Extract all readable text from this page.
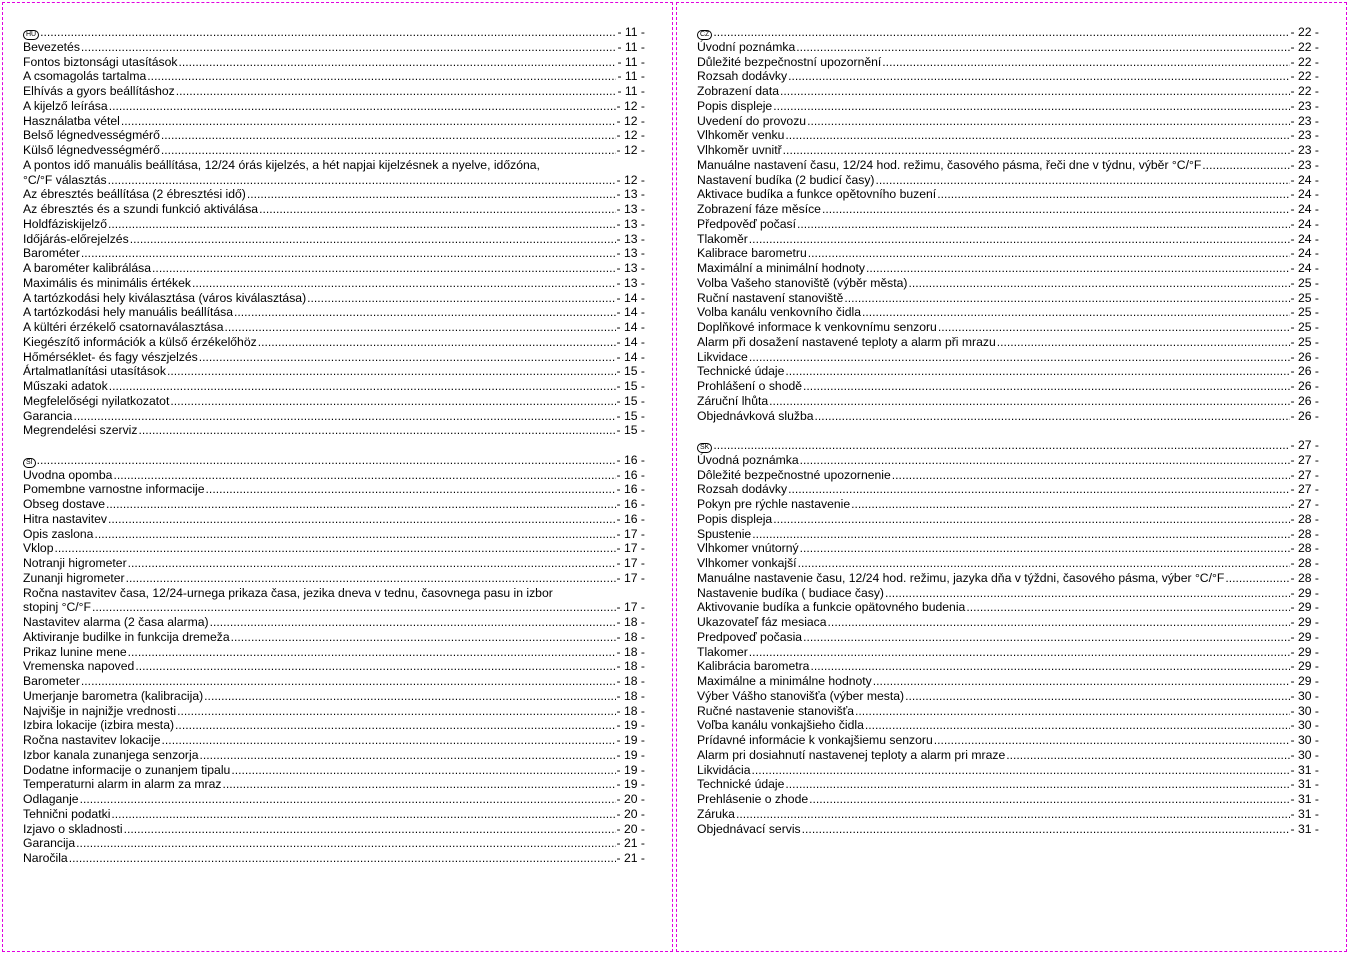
HU .....	- 11 -
Bevezetés .....	- 11 -
Fontos biztonsági utasítások .....	- 11 -
A csomagolás tartalma .....	- 11 -
Elhívás a gyors beállításhoz .....	- 11 -
A kijelző leírása .....	- 12 -
Használatba vétel .....	- 12 -
Belső légnedvességmérő .....	- 12 -
Külső légnedvességmérő .....	- 12 -
A pontos idő manuális beállítása, 12/24 órás kijelzés, a hét napjai kijelzésnek a nyelve, időzóna,
°C/°F választás .....	- 12 -
Az ébresztés beállítása (2 ébresztési idő) .....	- 13 -
Az ébresztés és a szundi funkció aktiválása .....	- 13 -
Holdfáziskijelző .....	- 13 -
Időjárás-előrejelzés .....	- 13 -
Barométer .....	- 13 -
A barométer kalibrálása .....	- 13 -
Maximális és minimális értékek .....	- 13 -
A tartózkodási hely kiválasztása (város kiválasztása) .....	- 14 -
A tartózkodási hely manuális beállítása .....	- 14 -
A kültéri érzékelő csatornaválasztása .....	- 14 -
Kiegészítő információk a külső érzékelőhöz .....	- 14 -
Hőmérséklet- és fagy vészjelzés .....	- 14 -
Ártalmatlanítási utasítások .....	- 15 -
Műszaki adatok .....	- 15 -
Megfelelőségi nyilatkozatot .....	- 15 -
Garancia .....	- 15 -
Megrendelési szerviz .....	- 15 -
SI .....	- 16 -
Uvodna opomba .....	- 16 -
Pomembne varnostne informacije .....	- 16 -
Obseg dostave .....	- 16 -
Hitra nastavitev .....	- 16 -
Opis zaslona .....	- 17 -
Vklop .....	- 17 -
Notranji higrometer .....	- 17 -
Zunanji higrometer .....	- 17 -
Ročna nastavitev časa, 12/24-urnega prikaza časa, jezika dneva v tednu, časovnega pasu in izbor
stopinj °C/°F .....	- 17 -
Nastavitev alarma (2 časa alarma) .....	- 18 -
Aktiviranje budilke in funkcija dremeža .....	- 18 -
Prikaz lunine mene .....	- 18 -
Vremenska napoved .....	- 18 -
Barometer .....	- 18 -
Umerjanje barometra (kalibracija) .....	- 18 -
Najvišje in najnižje vrednosti .....	- 18 -
Izbira lokacije (izbira mesta) .....	- 19 -
Ročna nastavitev lokacije .....	- 19 -
Izbor kanala zunanjega senzorja .....	- 19 -
Dodatne informacije o zunanjem tipalu .....	- 19 -
Temperaturni alarm in alarm za mraz .....	- 19 -
Odlaganje .....	- 20 -
Tehnični podatki .....	- 20 -
Izjavo o skladnosti .....	- 20 -
Garancija .....	- 21 -
Naročila .....	- 21 -
CZ .....	- 22 -
Úvodní poznámka .....	- 22 -
Důležité bezpečnostní upozornění .....	- 22 -
Rozsah dodávky .....	- 22 -
Zobrazení data .....	- 22 -
Popis displeje .....	- 23 -
Uvedení do provozu .....	- 23 -
Vlhkoměr venku .....	- 23 -
Vlhkoměr uvnitř .....	- 23 -
Manuálne nastavení času, 12/24 hod. režimu, časového pásma, řeči dne v týdnu, výběr °C/°F .....	- 23 -
Nastavení budíka (2 budicí časy) .....	- 24 -
Aktivace budíka a funkce opětovního buzení .....	- 24 -
Zobrazení fáze měsíce .....	- 24 -
Předpověď počasí .....	- 24 -
Tlakoměr .....	- 24 -
Kalibrace barometru .....	- 24 -
Maximální a minimální hodnoty .....	- 24 -
Volba Vašeho stanoviště (výběr města) .....	- 25 -
Ruční nastavení stanoviště .....	- 25 -
Volba kanálu venkovního čidla .....	- 25 -
Doplňkové informace k venkovnímu senzoru .....	- 25 -
Alarm při dosažení nastavené teploty a alarm při mrazu .....	- 25 -
Likvidace .....	- 26 -
Technické údaje .....	- 26 -
Prohlášení o shodě .....	- 26 -
Záruční lhůta .....	- 26 -
Objednávková služba .....	- 26 -
SK .....	- 27 -
Úvodná poznámka .....	- 27 -
Dôležité bezpečnostné upozornenie .....	- 27 -
Rozsah dodávky .....	- 27 -
Pokyn pre rýchle nastavenie .....	- 27 -
Popis displeja .....	- 28 -
Spustenie .....	- 28 -
Vlhkomer vnútorný .....	- 28 -
Vlhkomer vonkajší .....	- 28 -
Manuálne nastavenie času, 12/24 hod. režimu, jazyka dňa v týždni, časového pásma, výber °C/°F .....	- 28 -
Nastavenie budíka ( budiace časy) .....	- 29 -
Aktivovanie budíka a funkcie opätovného budenia .....	- 29 -
Ukazovateľ fáz mesiaca .....	- 29 -
Predpoveď počasia .....	- 29 -
Tlakomer .....	- 29 -
Kalibrácia barometra .....	- 29 -
Maximálne a minimálne hodnoty .....	- 29 -
Výber Vášho stanovišťa (výber mesta) .....	- 30 -
Ručné nastavenie stanovišťa .....	- 30 -
Voľba kanálu vonkajšieho čidla .....	- 30 -
Prídavné informácie k vonkajšiemu senzoru .....	- 30 -
Alarm pri dosiahnutí nastavenej teploty a alarm pri mraze .....	- 30 -
Likvidácia .....	- 31 -
Technické údaje .....	- 31 -
Prehlásenie o zhode .....	- 31 -
Záruka .....	- 31 -
Objednávací servis .....	- 31 -
